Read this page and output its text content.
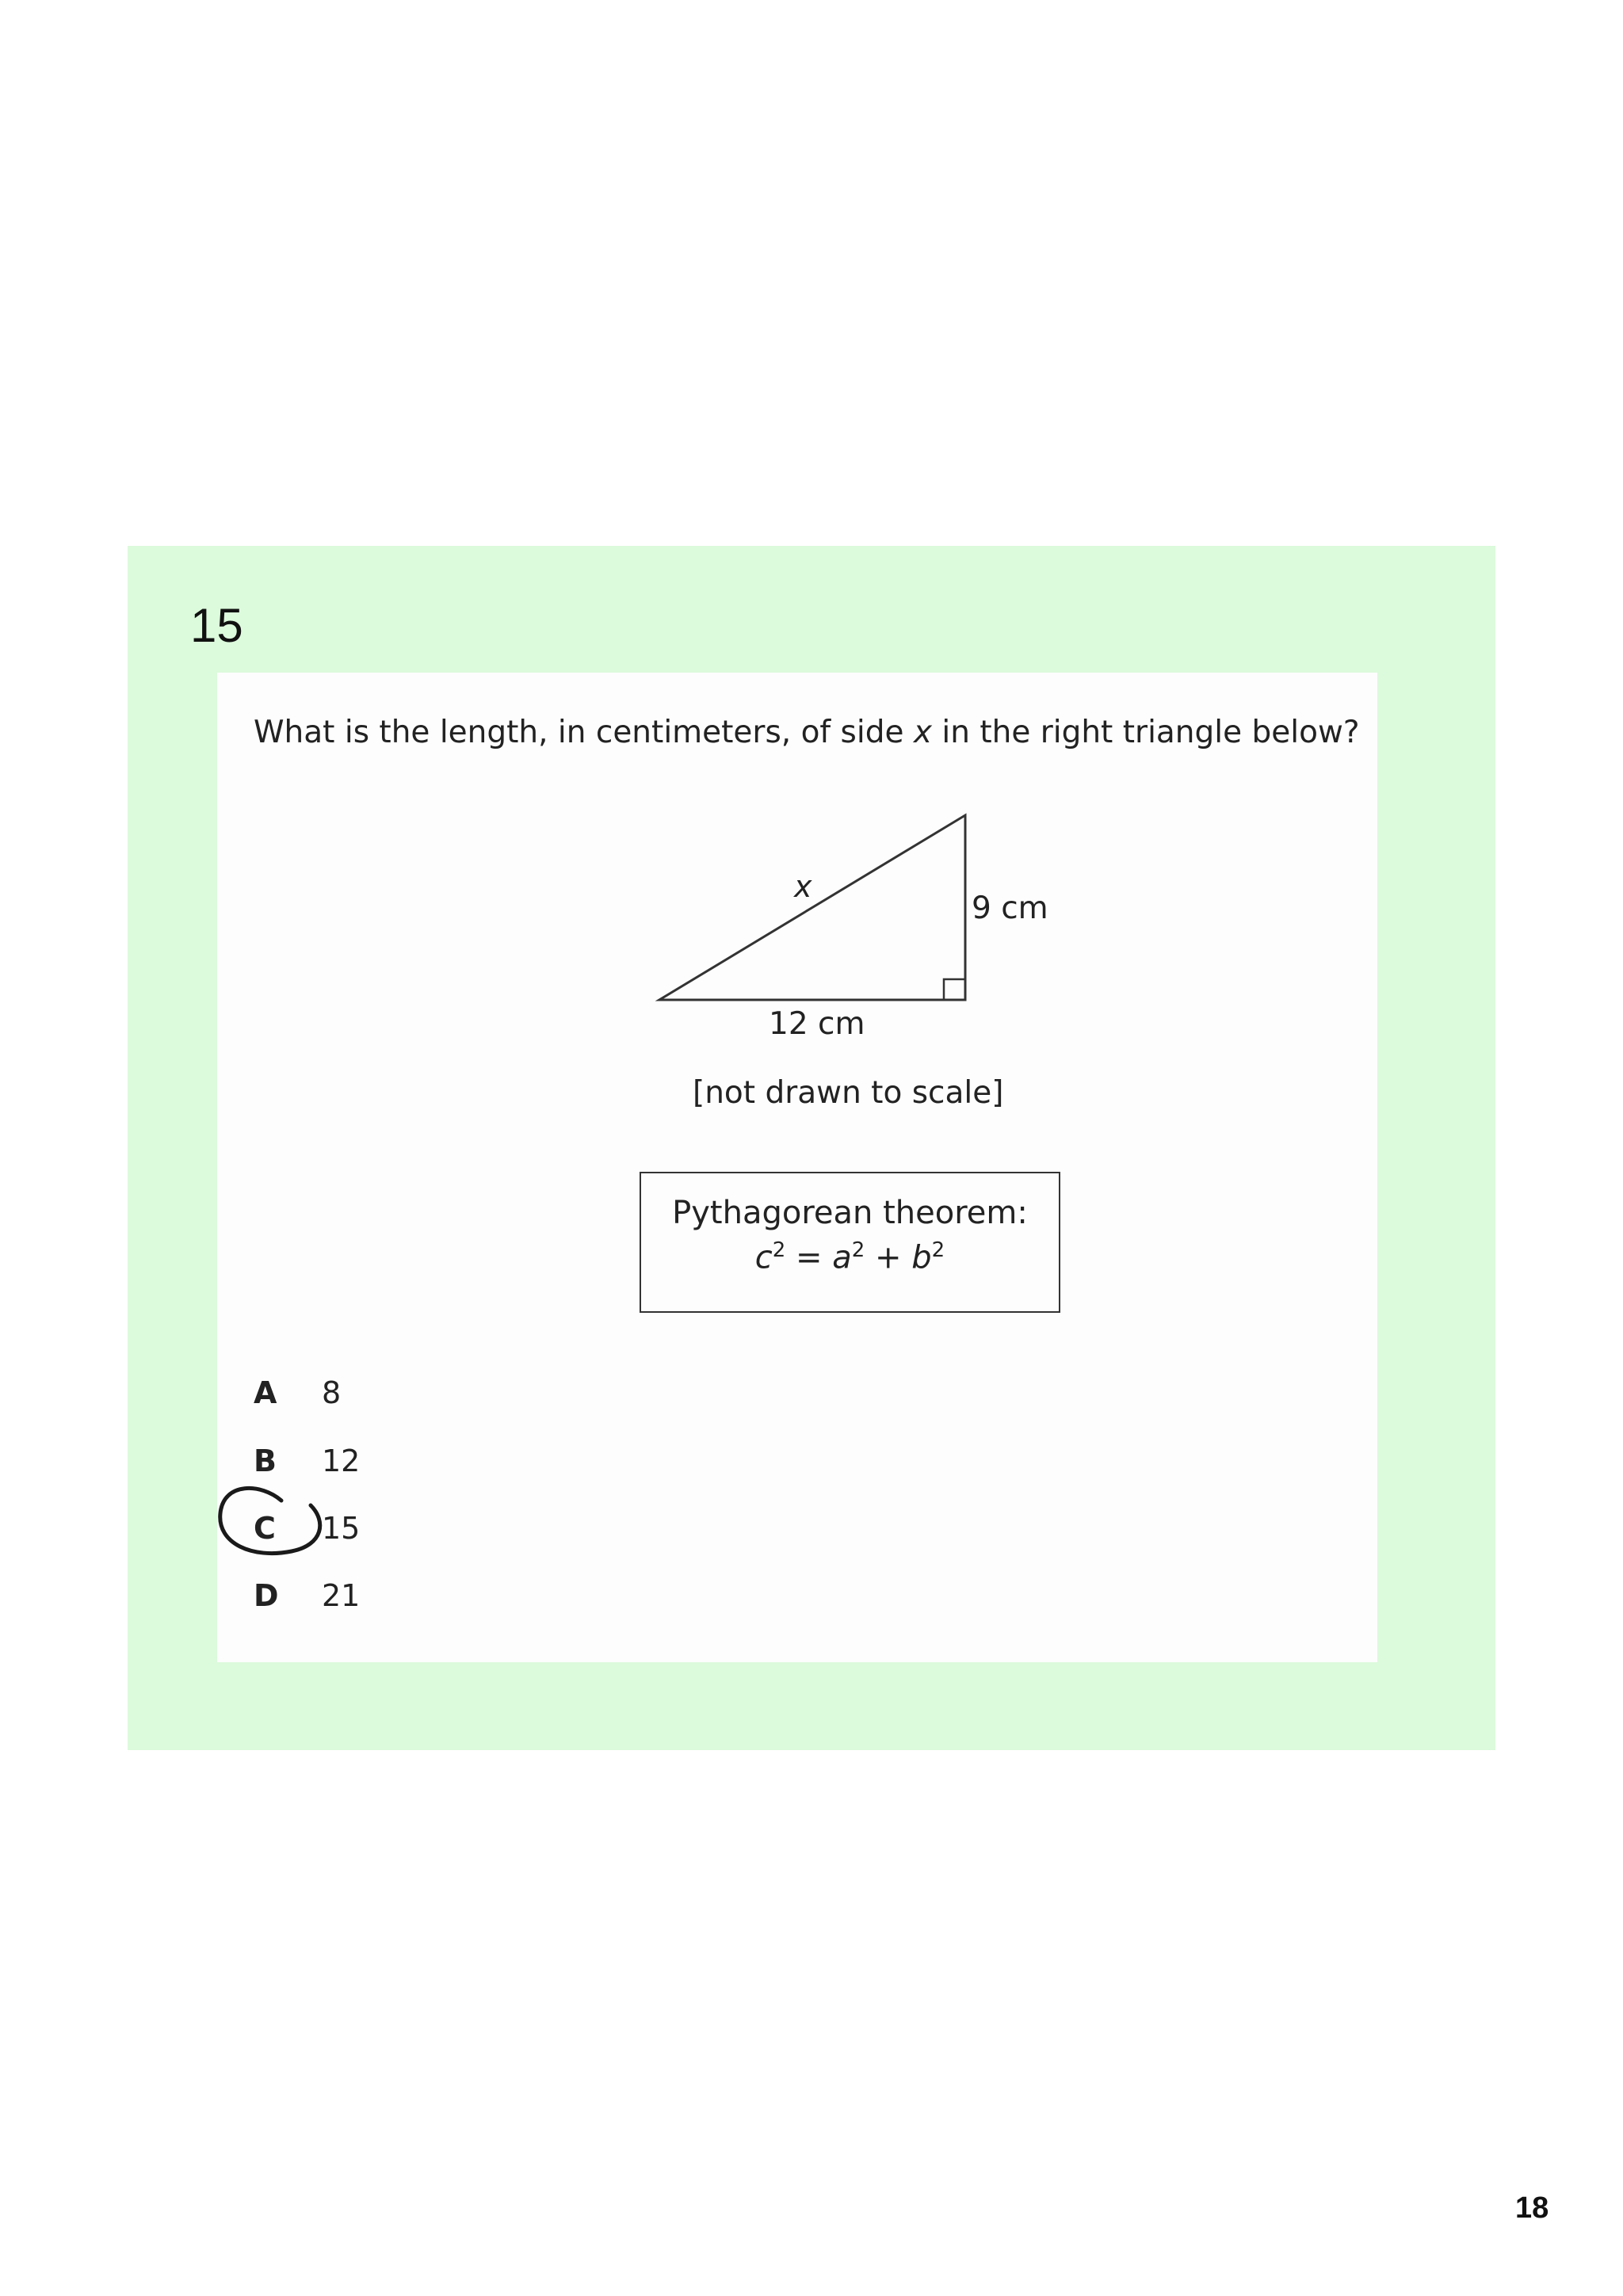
15
What is the length, in centimeters, of side x in the right triangle below?
x
9 cm
12 cm
[not drawn to scale]
Pythagorean theorem:
$c^2 = a^2 + b^2$
A 8
B 12
C 15
D 21
18
